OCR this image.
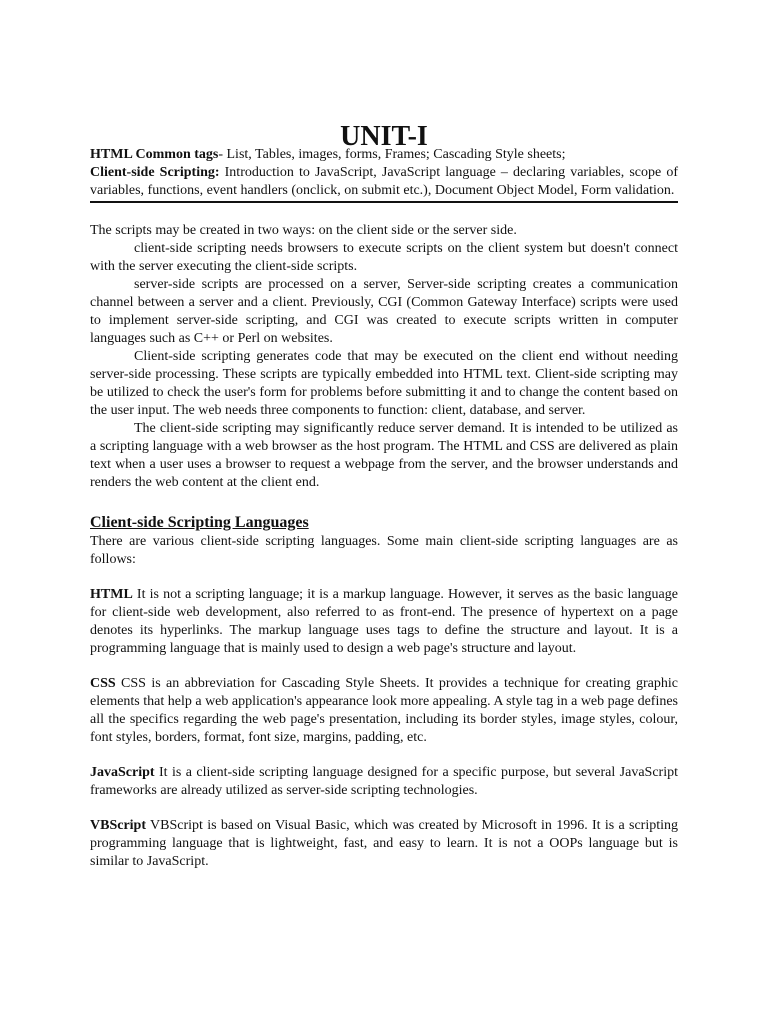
UNIT-I

HTML Common tags- List, Tables, images, forms, Frames; Cascading Style sheets;

Client-side Scripting: Introduction to JavaScript, JavaScript language – declaring variables, scope of variables, functions, event handlers (onclick, on submit etc.), Document Object Model, Form validation.

The scripts may be created in two ways: on the client side or the server side.

client-side scripting needs browsers to execute scripts on the client system but doesn't connect with the server executing the client-side scripts.

server-side scripts are processed on a server, Server-side scripting creates a communication channel between a server and a client. Previously, CGI (Common Gateway Interface) scripts were used to implement server-side scripting, and CGI was created to execute scripts written in computer languages such as C++ or Perl on websites.

Client-side scripting generates code that may be executed on the client end without needing server-side processing. These scripts are typically embedded into HTML text. Client-side scripting may be utilized to check the user's form for problems before submitting it and to change the content based on the user input. The web needs three components to function: client, database, and server.

The client-side scripting may significantly reduce server demand. It is intended to be utilized as a scripting language with a web browser as the host program. The HTML and CSS are delivered as plain text when a user uses a browser to request a webpage from the server, and the browser understands and renders the web content at the client end.

Client-side Scripting Languages

There are various client-side scripting languages. Some main client-side scripting languages are as follows:

HTML It is not a scripting language; it is a markup language. However, it serves as the basic language for client-side web development, also referred to as front-end. The presence of hypertext on a page denotes its hyperlinks. The markup language uses tags to define the structure and layout. It is a programming language that is mainly used to design a web page's structure and layout.

CSS CSS is an abbreviation for Cascading Style Sheets. It provides a technique for creating graphic elements that help a web application's appearance look more appealing. A style tag in a web page defines all the specifics regarding the web page's presentation, including its border styles, image styles, colour, font styles, borders, format, font size, margins, padding, etc.

JavaScript It is a client-side scripting language designed for a specific purpose, but several JavaScript frameworks are already utilized as server-side scripting technologies.

VBScript VBScript is based on Visual Basic, which was created by Microsoft in 1996. It is a scripting programming language that is lightweight, fast, and easy to learn. It is not a OOPs language but is similar to JavaScript.
